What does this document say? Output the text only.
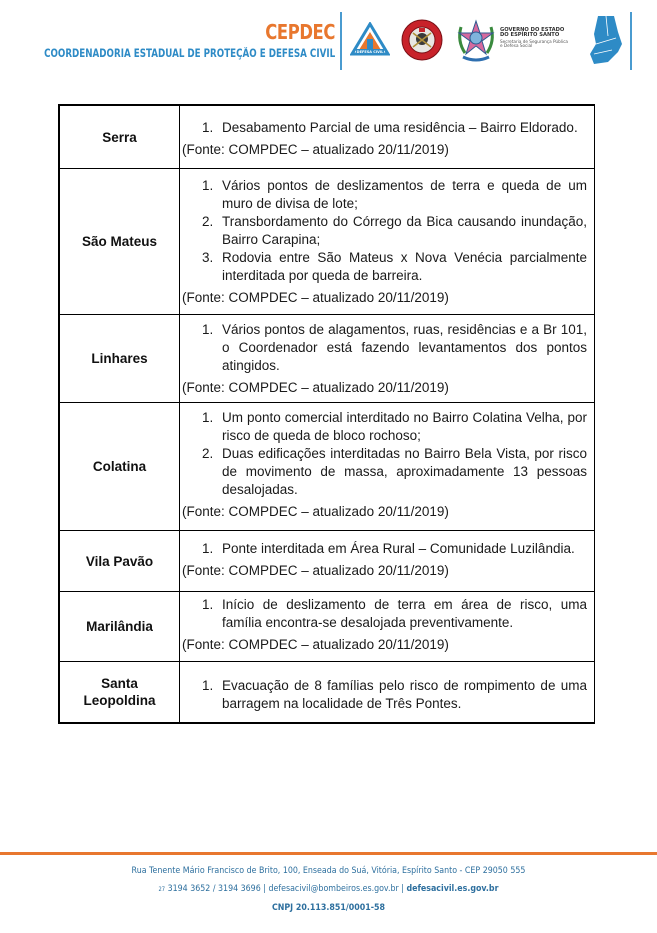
CEPDEC
COORDENADORIA ESTADUAL DE PROTEÇÃO E DEFESA CIVIL	DEFESA CIVIL
GOVERNO DO ESTADO
DO ESPÍRITO SANTO
Secretaria de Segurança Pública
e Defesa Social
Serra
1. Desabamento Parcial de uma residência – Bairro Eldorado.
(Fonte: COMPDEC – atualizado 20/11/2019)
São Mateus
1. Vários pontos de deslizamentos de terra e queda de um muro de divisa de lote;
2. Transbordamento do Córrego da Bica causando inundação, Bairro Carapina;
3. Rodovia entre São Mateus x Nova Venécia parcialmente interditada por queda de barreira.
(Fonte: COMPDEC – atualizado 20/11/2019)
Linhares
1. Vários pontos de alagamentos, ruas, residências e a Br 101, o Coordenador está fazendo levantamentos dos pontos atingidos.
(Fonte: COMPDEC – atualizado 20/11/2019)
Colatina
1. Um ponto comercial interditado no Bairro Colatina Velha, por risco de queda de bloco rochoso;
2. Duas edificações interditadas no Bairro Bela Vista, por risco de movimento de massa, aproximadamente 13 pessoas desalojadas.
(Fonte: COMPDEC – atualizado 20/11/2019)
Vila Pavão
1. Ponte interditada em Área Rural – Comunidade Luzilândia.
(Fonte: COMPDEC – atualizado 20/11/2019)
Marilândia
1. Início de deslizamento de terra em área de risco, uma família encontra-se desalojada preventivamente.
(Fonte: COMPDEC – atualizado 20/11/2019)
Santa
Leopoldina
1. Evacuação de 8 famílias pelo risco de rompimento de uma barragem na localidade de Três Pontes.
Rua Tenente Mário Francisco de Brito, 100, Enseada do Suá, Vitória, Espírito Santo - CEP 29050 555
27 3194 3652 / 3194 3696 | defesacivil@bombeiros.es.gov.br | defesacivil.es.gov.br
CNPJ 20.113.851/0001-58
